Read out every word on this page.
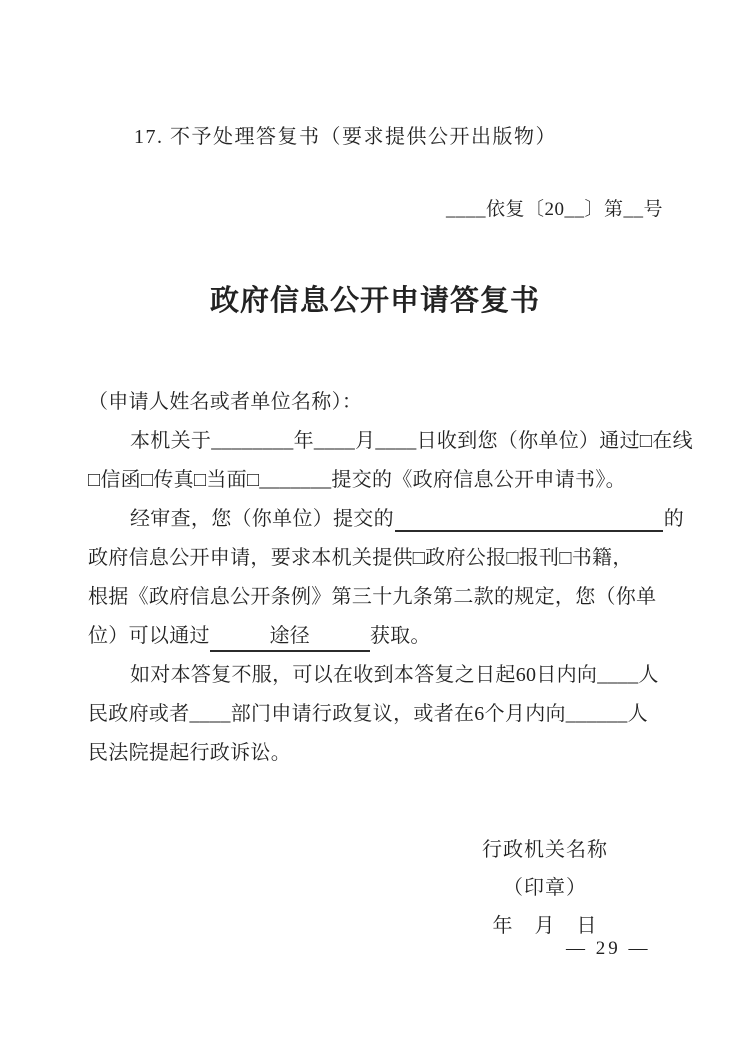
17. 不予处理答复书（要求提供公开出版物）
____依复〔20__〕第__号
政府信息公开申请答复书
（申请人姓名或者单位名称）：
本机关于________年____月____日收到您（你单位）通过□在线
□信函□传真□当面□_______提交的《政府信息公开申请书》。
经审查，您（你单位）提交的	的
政府信息公开申请，要求本机关提供□政府公报□报刊□书籍，
根据《政府信息公开条例》第三十九条第二款的规定，您（你单
位）可以通过	途径	获取。
如对本答复不服，可以在收到本答复之日起60日内向____人
民政府或者____部门申请行政复议，或者在6个月内向______人
民法院提起行政诉讼。
行政机关名称
（印章）
年　月　日
— 29 —
